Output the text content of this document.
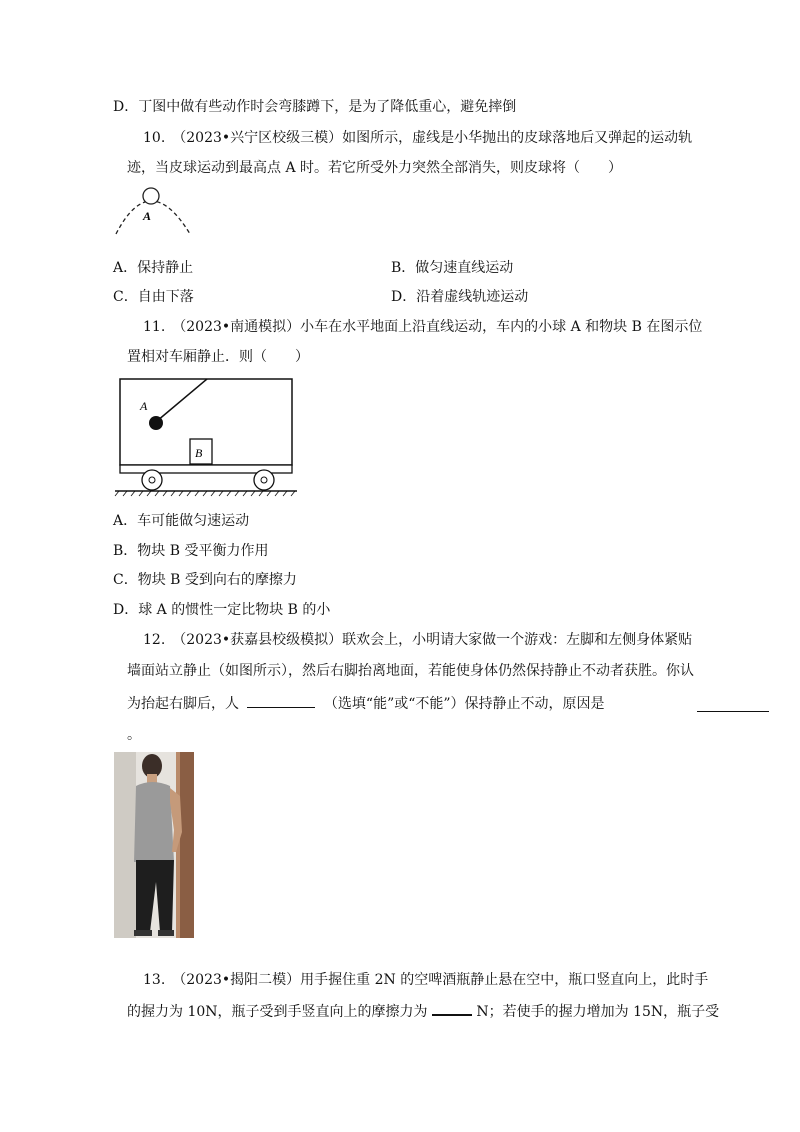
D．丁图中做有些动作时会弯膝蹲下，是为了降低重心，避免摔倒
10.　（2023•兴宁区校级三模）如图所示，虚线是小华抛出的皮球落地后又弹起的运动轨
迹，当皮球运动到最高点 A 时。若它所受外力突然全部消失，则皮球将（　　）
A
A．保持静止	B．做匀速直线运动
C．自由下落	D．沿着虚线轨迹运动
11.　（2023•南通模拟）小车在水平地面上沿直线运动，车内的小球 A 和物块 B 在图示位
置相对车厢静止．则（　　）
A
B
A．车可能做匀速运动
B．物块 B 受平衡力作用
C．物块 B 受到向右的摩擦力
D．球 A 的惯性一定比物块 B 的小
12.　（2023•获嘉县校级模拟）联欢会上，小明请大家做一个游戏：左脚和左侧身体紧贴
墙面站立静止（如图所示），然后右脚抬离地面，若能使身体仍然保持静止不动者获胜。你认
为抬起右脚后，人	（选填“能”或“不能”）保持静止不动，原因是
。
13.　（2023•揭阳二模）用手握住重 2N 的空啤酒瓶静止悬在空中，瓶口竖直向上，此时手
的握力为 10N，瓶子受到手竖直向上的摩擦力为	N；若使手的握力增加为 15N，瓶子受
